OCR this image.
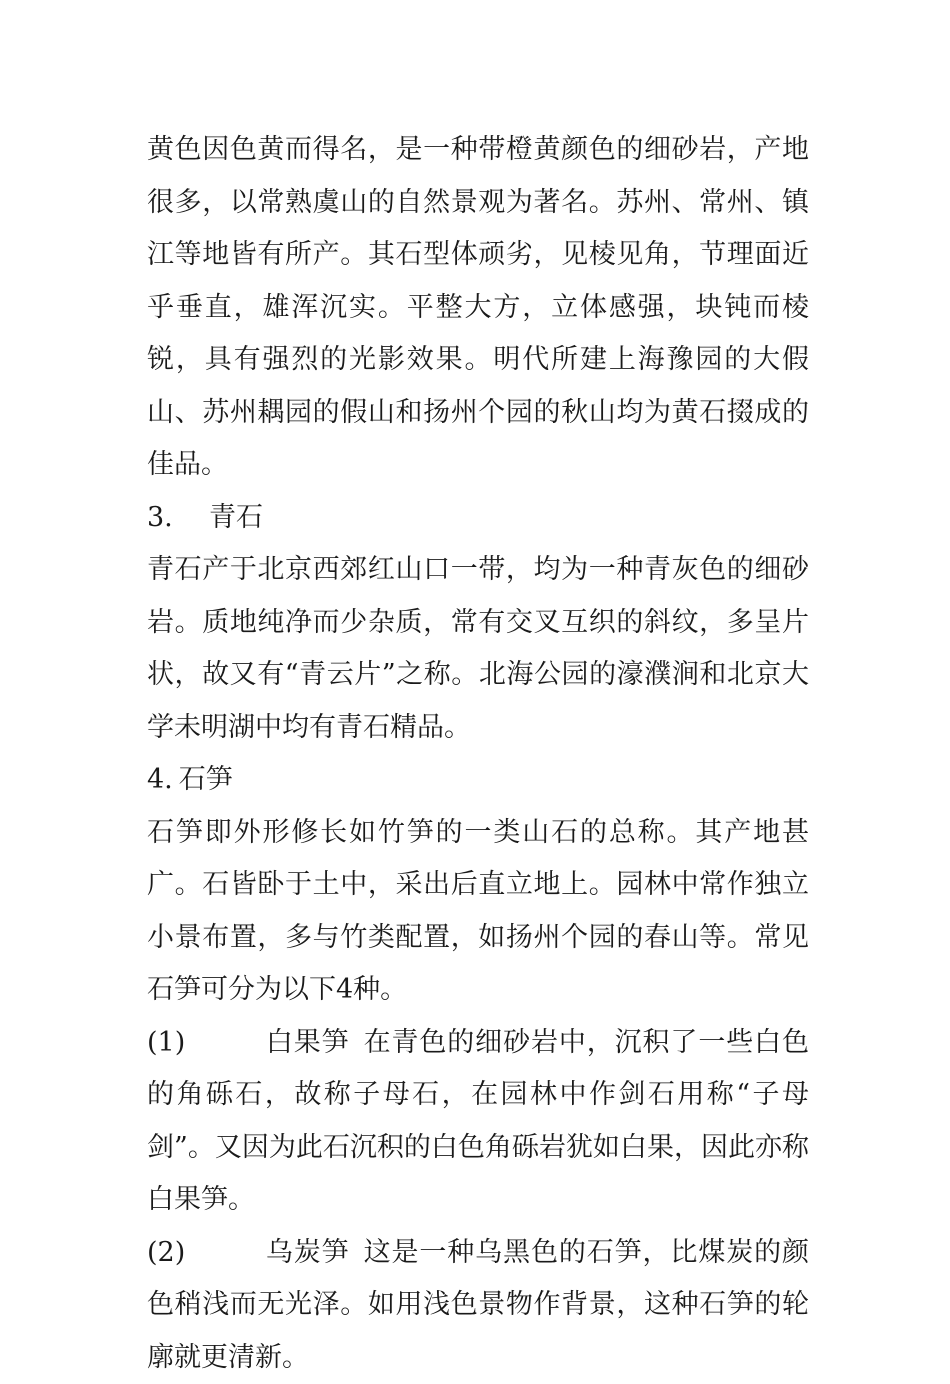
黄色因色黄而得名，是一种带橙黄颜色的细砂岩，产地很多，以常熟虞山的自然景观为著名。苏州、常州、镇江等地皆有所产。其石型体顽劣，见棱见角，节理面近乎垂直，雄浑沉实。平整大方，立体感强，块钝而棱锐，具有强烈的光影效果。明代所建上海豫园的大假山、苏州耦园的假山和扬州个园的秋山均为黄石掇成的佳品。

3. 青石

青石产于北京西郊红山口一带，均为一种青灰色的细砂岩。质地纯净而少杂质，常有交叉互织的斜纹，多呈片状，故又有“青云片”之称。北海公园的濠濮涧和北京大学未明湖中均有青石精品。

4. 石笋

石笋即外形修长如竹笋的一类山石的总称。其产地甚广。石皆卧于土中，采出后直立地上。园林中常作独立小景布置，多与竹类配置，如扬州个园的春山等。常见石笋可分为以下4种。

(1)	白果笋 在青色的细砂岩中，沉积了一些白色的角砾石，故称子母石，在园林中作剑石用称“子母剑”。又因为此石沉积的白色角砾岩犹如白果，因此亦称白果笋。

(2)	乌炭笋 这是一种乌黑色的石笋，比煤炭的颜色稍浅而无光泽。如用浅色景物作背景，这种石笋的轮廓就更清新。
